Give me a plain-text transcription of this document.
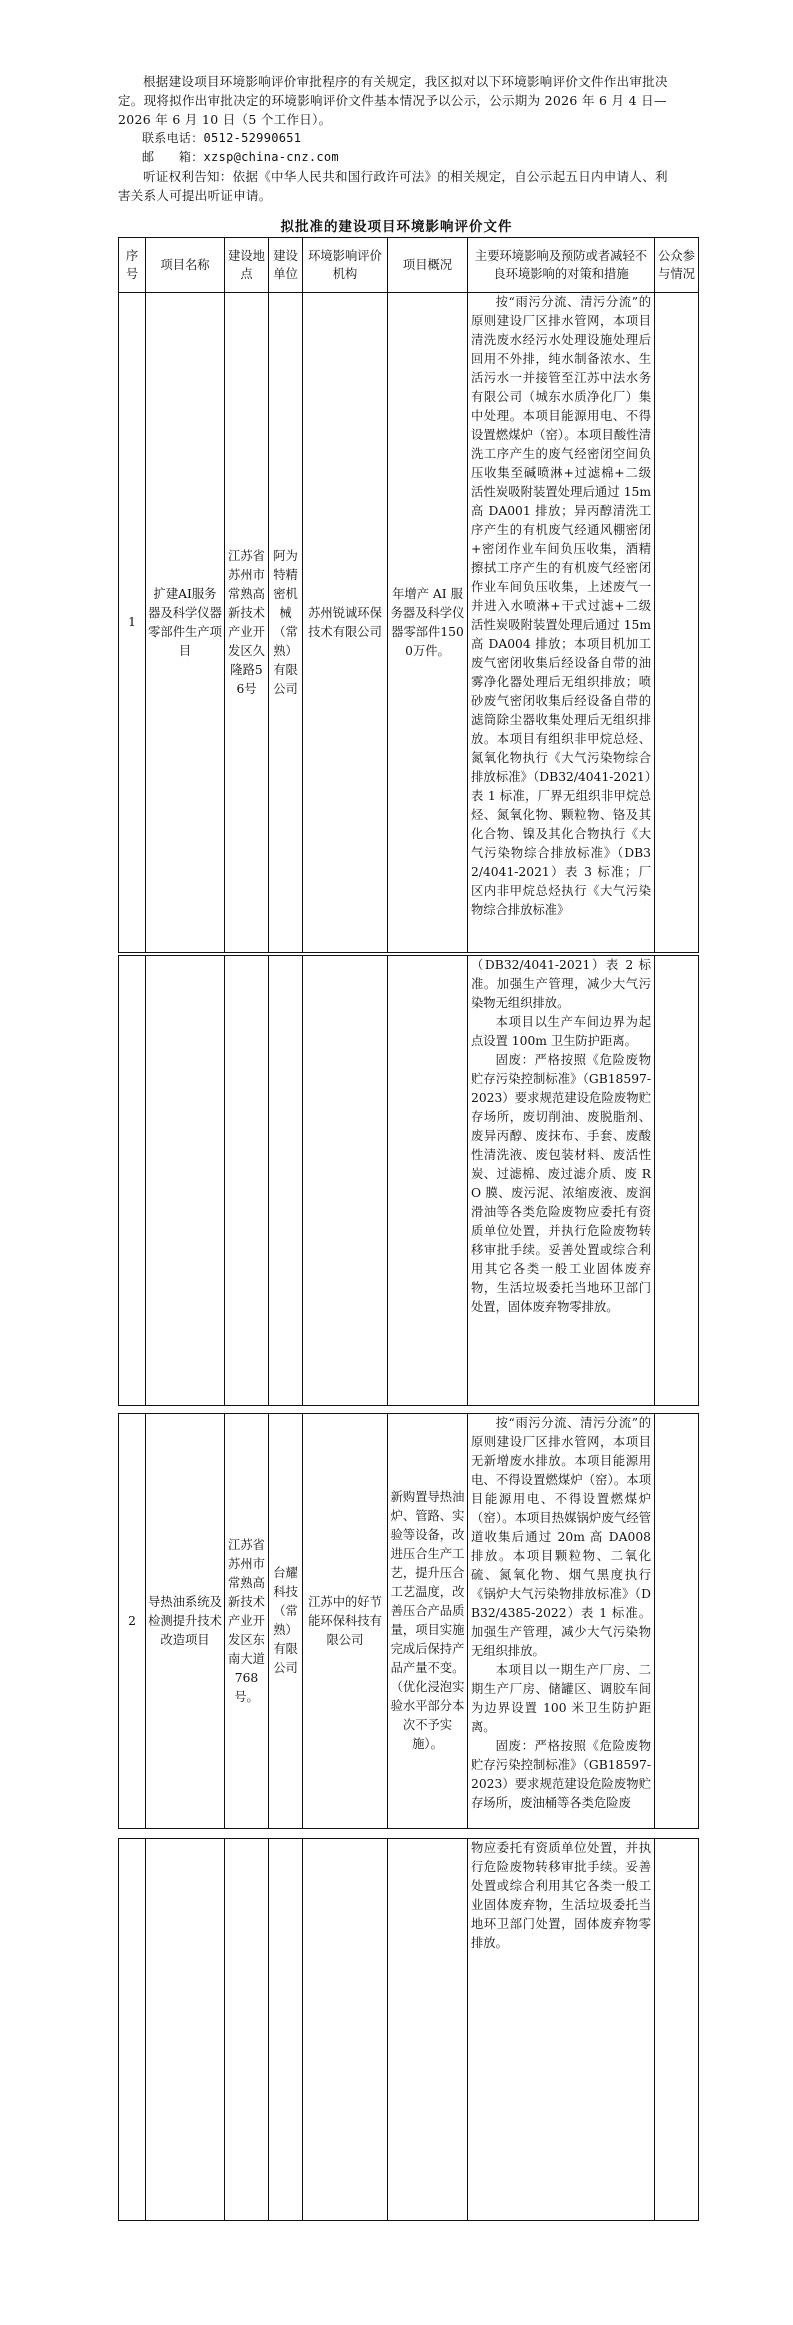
根据建设项目环境影响评价审批程序的有关规定，我区拟对以下环境影响评价文件作出审批决定。现将拟作出审批决定的环境影响评价文件基本情况予以公示，公示期为 2026 年 6 月 4 日—2026 年 6 月 10 日（5 个工作日）。

联系电话：0512-52990651

邮　　箱：xzsp@china-cnz.com

听证权利告知：依据《中华人民共和国行政许可法》的相关规定，自公示起五日内申请人、利害关系人可提出听证申请。

拟批准的建设项目环境影响评价文件
序号	项目名称	建设地点	建设单位	环境影响评价机构	项目概况	主要环境影响及预防或者减轻不良环境影响的对策和措施	公众参与情况
1	扩建AI服务器及科学仪器零部件生产项目	江苏省苏州市常熟高新技术产业开发区久隆路56号	阿为特精密机械（常熟）有限公司	苏州锐诚环保技术有限公司	年增产 AI 服务器及科学仪器零部件1500万件。	按“雨污分流、清污分流”的原则建设厂区排水管网，本项目清洗废水经污水处理设施处理后回用不外排，纯水制备浓水、生活污水一并接管至江苏中法水务有限公司（城东水质净化厂）集中处理。本项目能源用电、不得设置燃煤炉（窑）。本项目酸性清洗工序产生的废气经密闭空间负压收集至碱喷淋+过滤棉+二级活性炭吸附装置处理后通过 15m 高 DA001 排放；异丙醇清洗工序产生的有机废气经通风棚密闭+密闭作业车间负压收集，酒精擦拭工序产生的有机废气经密闭作业车间负压收集，上述废气一并进入水喷淋+干式过滤+二级活性炭吸附装置处理后通过 15m 高 DA004 排放；本项目机加工废气密闭收集后经设备自带的油雾净化器处理后无组织排放；喷砂废气密闭收集后经设备自带的滤筒除尘器收集处理后无组织排放。本项目有组织非甲烷总烃、氮氧化物执行《大气污染物综合排放标准》（DB32/4041-2021）表 1 标准，厂界无组织非甲烷总烃、氮氧化物、颗粒物、铬及其化合物、镍及其化合物执行《大气污染物综合排放标准》（DB32/4041-2021）表 3 标准；厂区内非甲烷总烃执行《大气污染物综合排放标准》	

（DB32/4041-2021）表 2 标准。加强生产管理，减少大气污染物无组织排放。

本项目以生产车间边界为起点设置 100m 卫生防护距离。

固废：严格按照《危险废物贮存污染控制标准》（GB18597-2023）要求规范建设危险废物贮存场所，废切削油、废脱脂剂、废异丙醇、废抹布、手套、废酸性清洗液、废包装材料、废活性炭、过滤棉、废过滤介质、废 RO 膜、废污泥、浓缩废液、废润滑油等各类危险废物应委托有资质单位处置，并执行危险废物转移审批手续。妥善处置或综合利用其它各类一般工业固体废弃物，生活垃圾委托当地环卫部门处置，固体废弃物零排放。

2	导热油系统及检测提升技术改造项目	江苏省苏州市常熟高新技术产业开发区东南大道768号。	台耀科技（常熟）有限公司	江苏中的好节能环保科技有限公司	新购置导热油炉、管路、实验等设备，改进压合生产工艺，提升压合工艺温度，改善压合产品质量，项目实施完成后保持产品产量不变。（优化浸泡实验水平部分本次不予实施）。	

按“雨污分流、清污分流”的原则建设厂区排水管网，本项目无新增废水排放。本项目能源用电、不得设置燃煤炉（窑）。本项目能源用电、不得设置燃煤炉（窑）。本项目热媒锅炉废气经管道收集后通过 20m 高 DA008 排放。本项目颗粒物、二氧化硫、氮氧化物、烟气黑度执行《锅炉大气污染物排放标准》（DB32/4385-2022）表 1 标准。加强生产管理，减少大气污染物无组织排放。

本项目以一期生产厂房、二期生产厂房、储罐区、调胶车间为边界设置 100 米卫生防护距离。

固废：严格按照《危险废物贮存污染控制标准》（GB18597-2023）要求规范建设危险废物贮存场所，废油桶等各类危险废

物应委托有资质单位处置，并执行危险废物转移审批手续。妥善处置或综合利用其它各类一般工业固体废弃物，生活垃圾委托当地环卫部门处置，固体废弃物零排放。
